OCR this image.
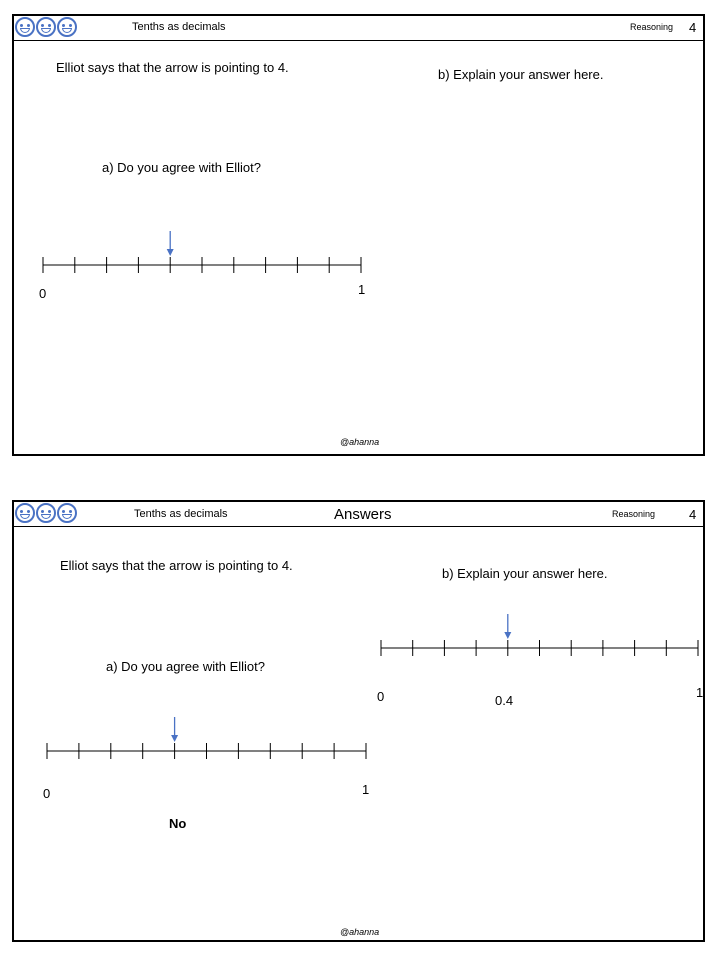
Tenths as decimals	Reasoning 4
Elliot says that the arrow is pointing to 4.	b) Explain your answer here.
a) Do you agree with Elliot?
0	1
@ahanna
Tenths as decimals	Answers	Reasoning	4
Elliot says that the arrow is pointing to 4.
b) Explain your answer here.
a) Do you agree with Elliot?
0	1
0.4
0	1
No
@ahanna
